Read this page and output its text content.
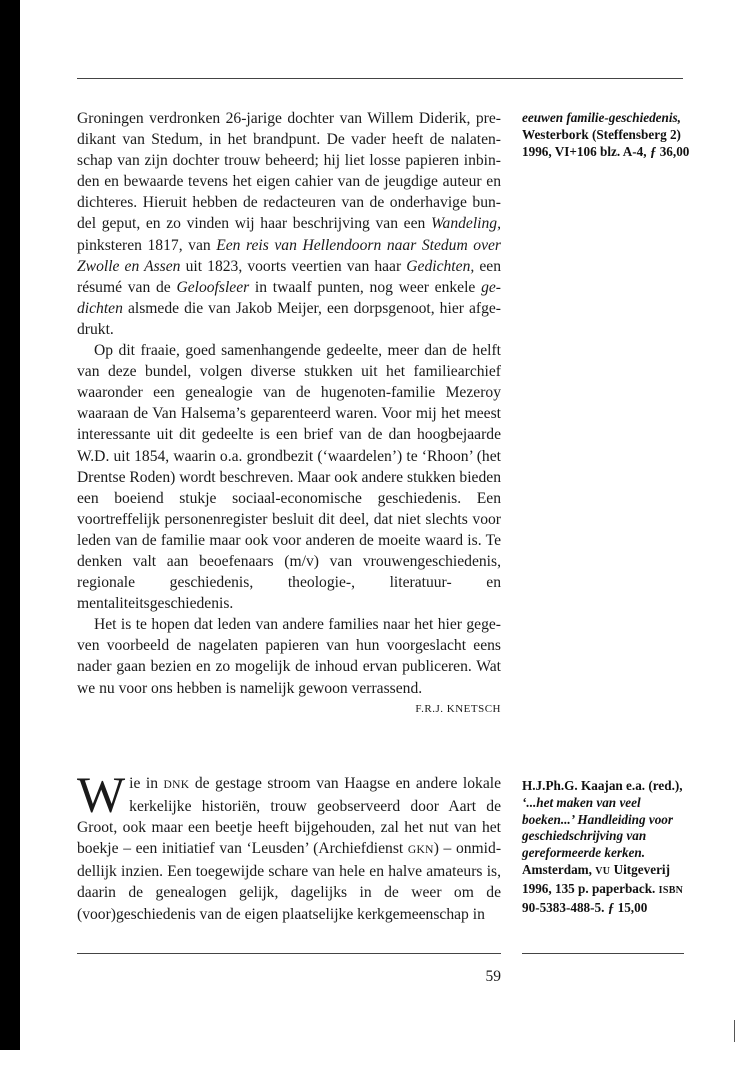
Groningen verdronken 26-jarige dochter van Willem Diderik, predikant van Stedum, in het brandpunt. De vader heeft de nalatenschap van zijn dochter trouw beheerd; hij liet losse papieren inbinden en bewaarde tevens het eigen cahier van de jeugdige auteur en dichteres. Hieruit hebben de redacteuren van de onderhavige bundel geput, en zo vinden wij haar beschrijving van een Wandeling, pinksteren 1817, van Een reis van Hellendoorn naar Stedum over Zwolle en Assen uit 1823, voorts veertien van haar Gedichten, een résumé van de Geloofsleer in twaalf punten, nog weer enkele gedichten alsmede die van Jakob Meijer, een dorpsgenoot, hier afgedrukt.

Op dit fraaie, goed samenhangende gedeelte, meer dan de helft van deze bundel, volgen diverse stukken uit het familiearchief waaronder een genealogie van de hugenoten-familie Mezeroy waaraan de Van Halsema’s geparenteerd waren. Voor mij het meest interessante uit dit gedeelte is een brief van de dan hoogbejaarde W.D. uit 1854, waarin o.a. grondbezit (‘waardelen’) te ‘Rhoon’ (het Drentse Roden) wordt beschreven. Maar ook andere stukken bieden een boeiend stukje sociaal-economische geschiedenis. Een voortreffelijk personenregister besluit dit deel, dat niet slechts voor leden van de familie maar ook voor anderen de moeite waard is. Te denken valt aan beoefenaars (m/v) van vrouwengeschiedenis, regionale geschiedenis, theologie-, literatuur- en mentaliteitsgeschiedenis.

Het is te hopen dat leden van andere families naar het hier gegeven voorbeeld de nagelaten papieren van hun voorgeslacht eens nader gaan bezien en zo mogelijk de inhoud ervan publiceren. Wat we nu voor ons hebben is namelijk gewoon verrassend.

F.R.J. KNETSCH

eeuwen familie-geschiedenis, Westerbork (Steffensberg 2) 1996, VI+106 blz. A-4, ƒ 36,00

Wie in DNK de gestage stroom van Haagse en andere lokale kerkelijke historiën, trouw geobserveerd door Aart de Groot, ook maar een beetje heeft bijgehouden, zal het nut van het boekje – een initiatief van ‘Leusden’ (Archiefdienst GKN) – onmiddellijk inzien. Een toegewijde schare van hele en halve amateurs is, daarin de genealogen gelijk, dagelijks in de weer om de (voor)geschiedenis van de eigen plaatselijke kerkgemeenschap in

H.J.Ph.G. Kaajan e.a. (red.), ‘...het maken van veel boeken...’ Handleiding voor geschiedschrijving van gereformeerde kerken. Amsterdam, VU Uitgeverij 1996, 135 p. paperback. ISBN 90-5383-488-5. ƒ 15,00
59
